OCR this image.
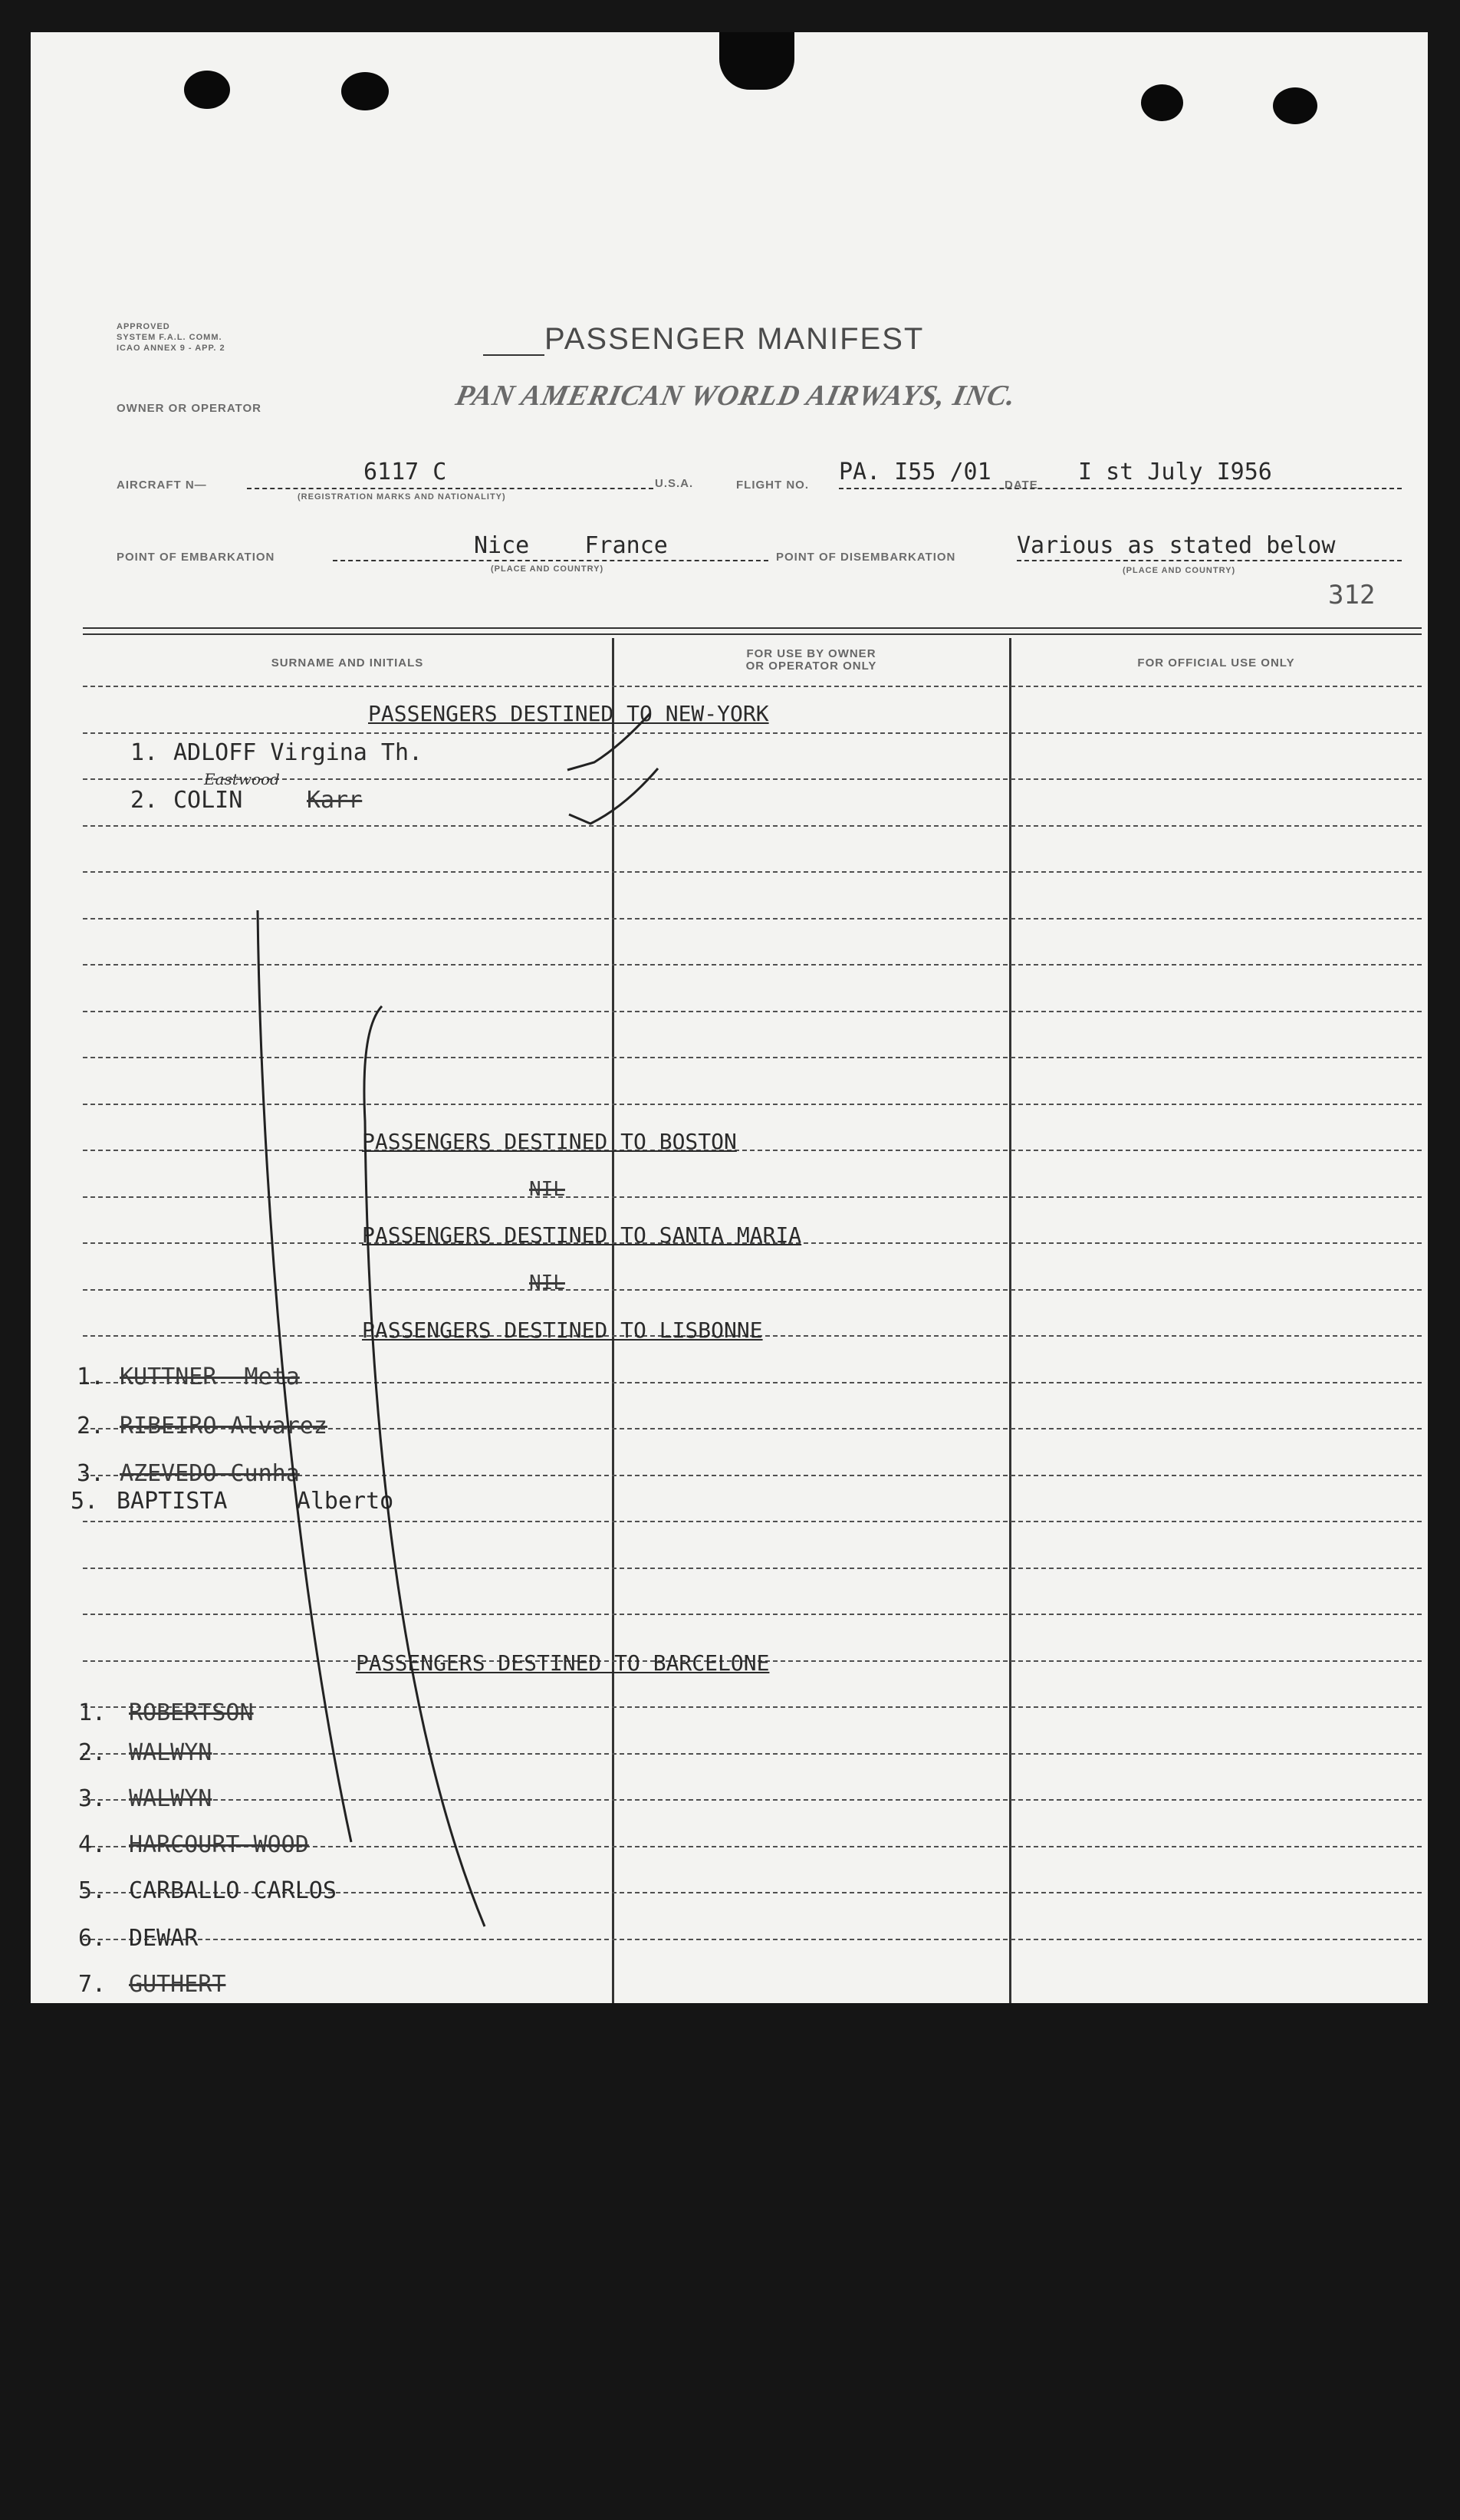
APPROVED
SYSTEM F.A.L. COMM.
ICAO ANNEX 9 - APP. 2	PASSENGER MANIFEST
OWNER OR OPERATOR	PAN AMERICAN WORLD AIRWAYS, INC.
AIRCRAFT N—	6117 C
(REGISTRATION MARKS AND NATIONALITY)
U.S.A.	FLIGHT NO. PA. I55 /01 DATE I st July I956
POINT OF EMBARKATION	Nice    France
(PLACE AND COUNTRY)
POINT OF DISEMBARKATION	Various as stated below
(PLACE AND COUNTRY)
312
SURNAME AND INITIALS
FOR USE BY OWNER
OR OPERATOR ONLY	FOR OFFICIAL USE ONLY
PASSENGERS DESTINED TO NEW-YORK
1. ADLOFF Virgina Th.
2. COLIN	Karr
Eastwood
PASSENGERS DESTINED TO BOSTON
NIL
PASSENGERS DESTINED TO SANTA MARIA
NIL
PASSENGERS DESTINED TO LISBONNE
1. KUTTNER  Meta
2. RIBEIRO Alvarez
3. AZEVEDO Cunha
5. BAPTISTA     Alberto
PASSENGERS DESTINED TO BARCELONE
1. ROBERTSON
2. WALWYN
3. WALWYN
4. HARCOURT WOOD
5. CARBALLO CARLOS
6. DEWAR
7. GUTHERT
